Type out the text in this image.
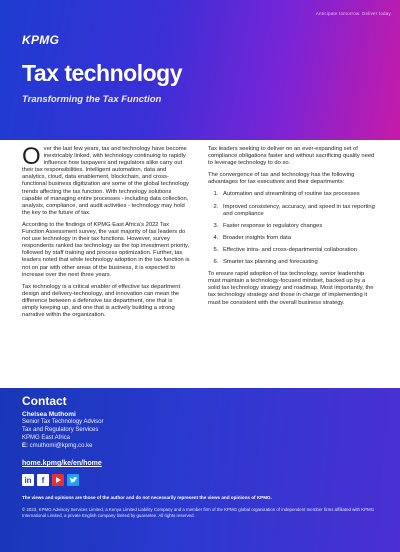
Anticipate tomorrow. Deliver today.
KPMG
Tax technology
Transforming the Tax Function

Over the last few years, tax and technology have become inextricably linked, with technology continuing to rapidly influence how taxpayers and regulators alike carry out their tax responsibilities. Intelligent automation, data and analytics, cloud, data enablement, blockchain, and cross-functional business digitization are some of the global technology trends affecting the tax function. With technology solutions capable of managing entire processes - including data collection, analysis, compliance, and audit activities - technology may hold the key to the future of tax.

According to the findings of KPMG East Africa’s 2022 Tax Function Assessment survey, the vast majority of tax leaders do not use technology in their tax functions. However, survey respondents ranked tax technology as the top investment priority, followed by staff training and process optimization. Further, tax leaders noted that while technology adoption in the tax function is not on par with other areas of the business, it is expected to increase over the next three years.

Tax technology is a critical enabler of effective tax department design and delivery-technology, and innovation can mean the difference between a defensive tax department, one that is simply keeping up, and one that is actively building a strong narrative within the organization.

Tax leaders seeking to deliver on an ever-expanding set of compliance obligations faster and without sacrificing quality need to leverage technology to do so.

The convergence of tax and technology has the following advantages for tax executives and their departments:

1. Automation and streamlining of routine tax processes
2. Improved consistency, accuracy, and speed in tax reporting and compliance
3. Faster response to regulatory changes
4. Broader insights from data
5. Effective intra- and cross-departmental collaboration
6. Smarter tax planning and forecasting

To ensure rapid adoption of tax technology, senior leadership must maintain a technology-focused mindset, backed up by a solid tax technology strategy and roadmap. Most importantly, the tax technology strategy and those in charge of implementing it must be consistent with the overall business strategy.

Contact
Chelsea Muthomi
Senior Tax Technology Advisor
Tax and Regulatory Services
KPMG East Africa
E: cmuthomi@kpmg.co.ke
home.kpmg/ke/en/home
in	f
The views and opinions are those of the author and do not necessarily represent the views and opinions of KPMG.
© 2023, KPMG Advisory Services Limited, a Kenya Limited Liability Company and a member firm of the KPMG global organization of independent member firms affiliated with KPMG International Limited, a private English company limited by guarantee. All rights reserved.
